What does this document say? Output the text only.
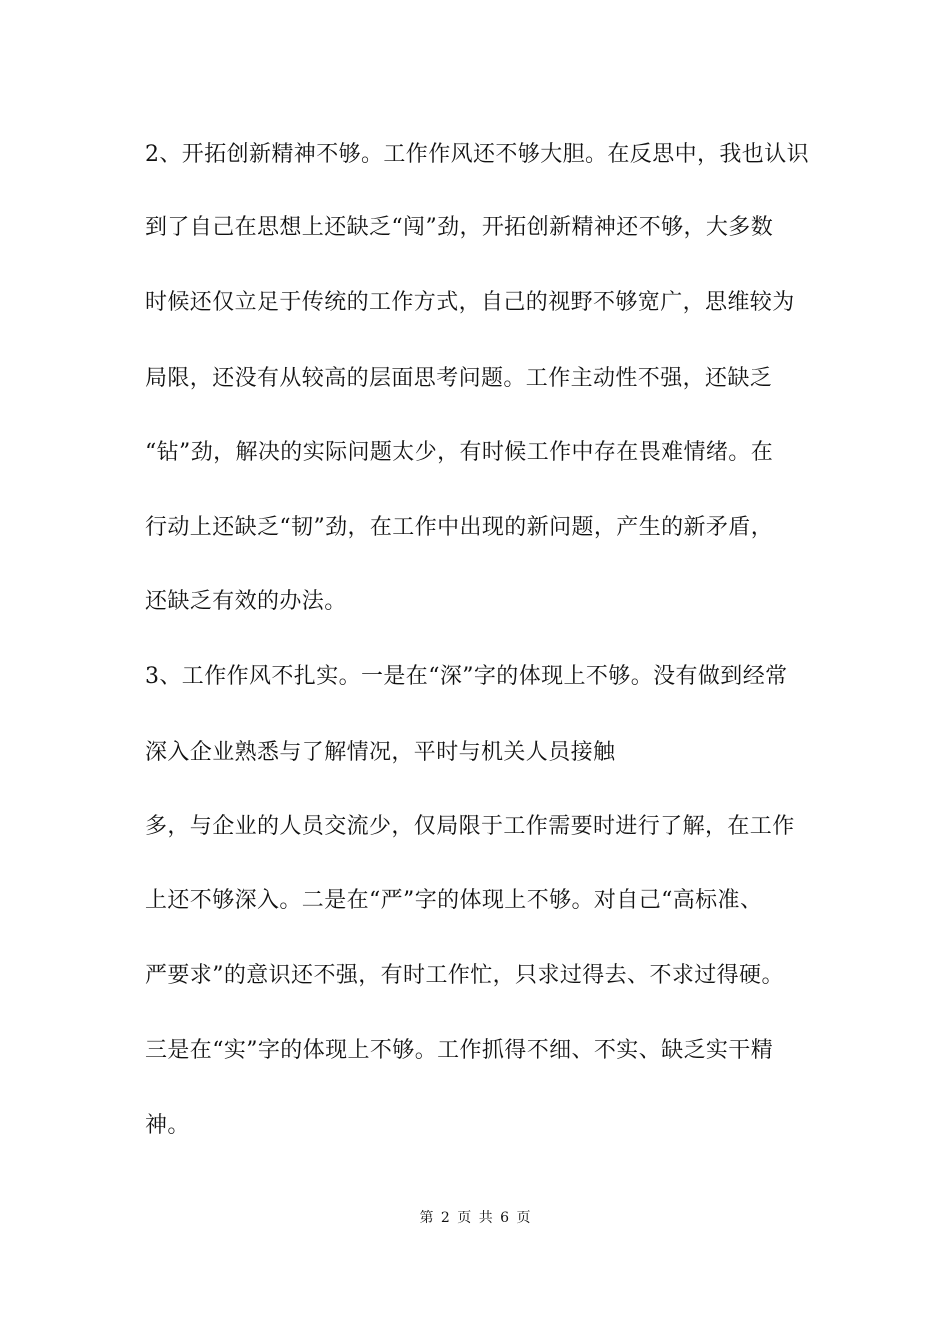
2、开拓创新精神不够。工作作风还不够大胆。在反思中，我也认识
到了自己在思想上还缺乏“闯”劲，开拓创新精神还不够，大多数
时候还仅立足于传统的工作方式，自己的视野不够宽广，思维较为
局限，还没有从较高的层面思考问题。工作主动性不强，还缺乏
“钻”劲，解决的实际问题太少，有时候工作中存在畏难情绪。在
行动上还缺乏“韧”劲，在工作中出现的新问题，产生的新矛盾，
还缺乏有效的办法。
3、工作作风不扎实。一是在“深”字的体现上不够。没有做到经常
深入企业熟悉与了解情况，平时与机关人员接触
多，与企业的人员交流少，仅局限于工作需要时进行了解，在工作
上还不够深入。二是在“严”字的体现上不够。对自己“高标准、
严要求”的意识还不强，有时工作忙，只求过得去、不求过得硬。
三是在“实”字的体现上不够。工作抓得不细、不实、缺乏实干精
神。
第 2 页 共 6 页
